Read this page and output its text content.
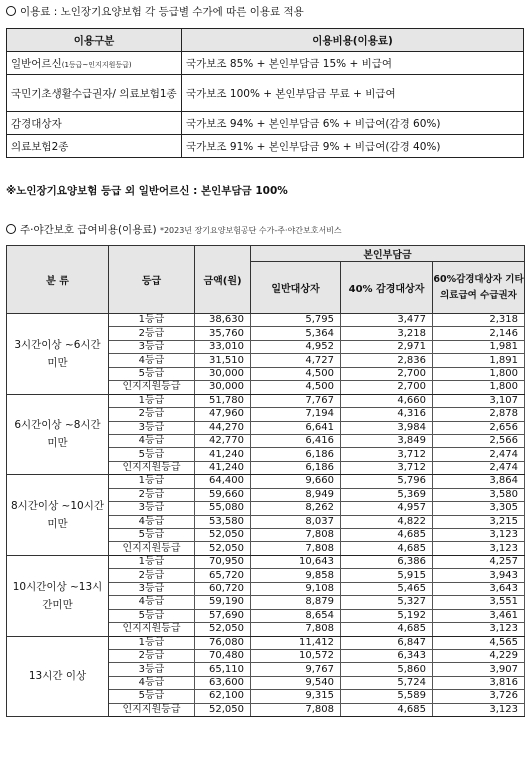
이용료 : 노인장기요양보험 각 등급별 수가에 따른 이용료 적용
이용구분	이용비용(이용료)
일반어르신(1등급~인지지원등급)	국가보조 85% + 본인부담금 15% + 비급여
국민기초생활수급권자/ 의료보험1종	국가보조 100% + 본인부담금 무료 + 비급여
감경대상자	국가보조 94% + 본인부담금 6% + 비급여(감경 60%)
의료보험2종	국가보조 91% + 본인부담금 9% + 비급여(감경 40%)
※노인장기요양보험 등급 외 일반어르신 : 본인부담금 100%
주·야간보호 급여비용(이용료) *2023년 장기요양보험공단 수가-주·야간보호서비스
분 류	등급	금액(원)	본인부담금		
			일반대상자	40% 감경대상자	60%감경대상자 기타의료급여 수급권자
3시간이상 ~6시간미만	1등급	38,630	5,795	3,477	2,318
	2등급	35,760	5,364	3,218	2,146
	3등급	33,010	4,952	2,971	1,981
	4등급	31,510	4,727	2,836	1,891
	5등급	30,000	4,500	2,700	1,800
	인지지원등급	30,000	4,500	2,700	1,800
6시간이상 ~8시간미만	1등급	51,780	7,767	4,660	3,107
	2등급	47,960	7,194	4,316	2,878
	3등급	44,270	6,641	3,984	2,656
	4등급	42,770	6,416	3,849	2,566
	5등급	41,240	6,186	3,712	2,474
	인지지원등급	41,240	6,186	3,712	2,474
8시간이상 ~10시간미만	1등급	64,400	9,660	5,796	3,864
	2등급	59,660	8,949	5,369	3,580
	3등급	55,080	8,262	4,957	3,305
	4등급	53,580	8,037	4,822	3,215
	5등급	52,050	7,808	4,685	3,123
	인지지원등급	52,050	7,808	4,685	3,123
10시간이상 ~13시간미만	1등급	70,950	10,643	6,386	4,257
	2등급	65,720	9,858	5,915	3,943
	3등급	60,720	9,108	5,465	3,643
	4등급	59,190	8,879	5,327	3,551
	5등급	57,690	8,654	5,192	3,461
	인지지원등급	52,050	7,808	4,685	3,123
13시간 이상	1등급	76,080	11,412	6,847	4,565
	2등급	70,480	10,572	6,343	4,229
	3등급	65,110	9,767	5,860	3,907
	4등급	63,600	9,540	5,724	3,816
	5등급	62,100	9,315	5,589	3,726
	인지지원등급	52,050	7,808	4,685	3,123
